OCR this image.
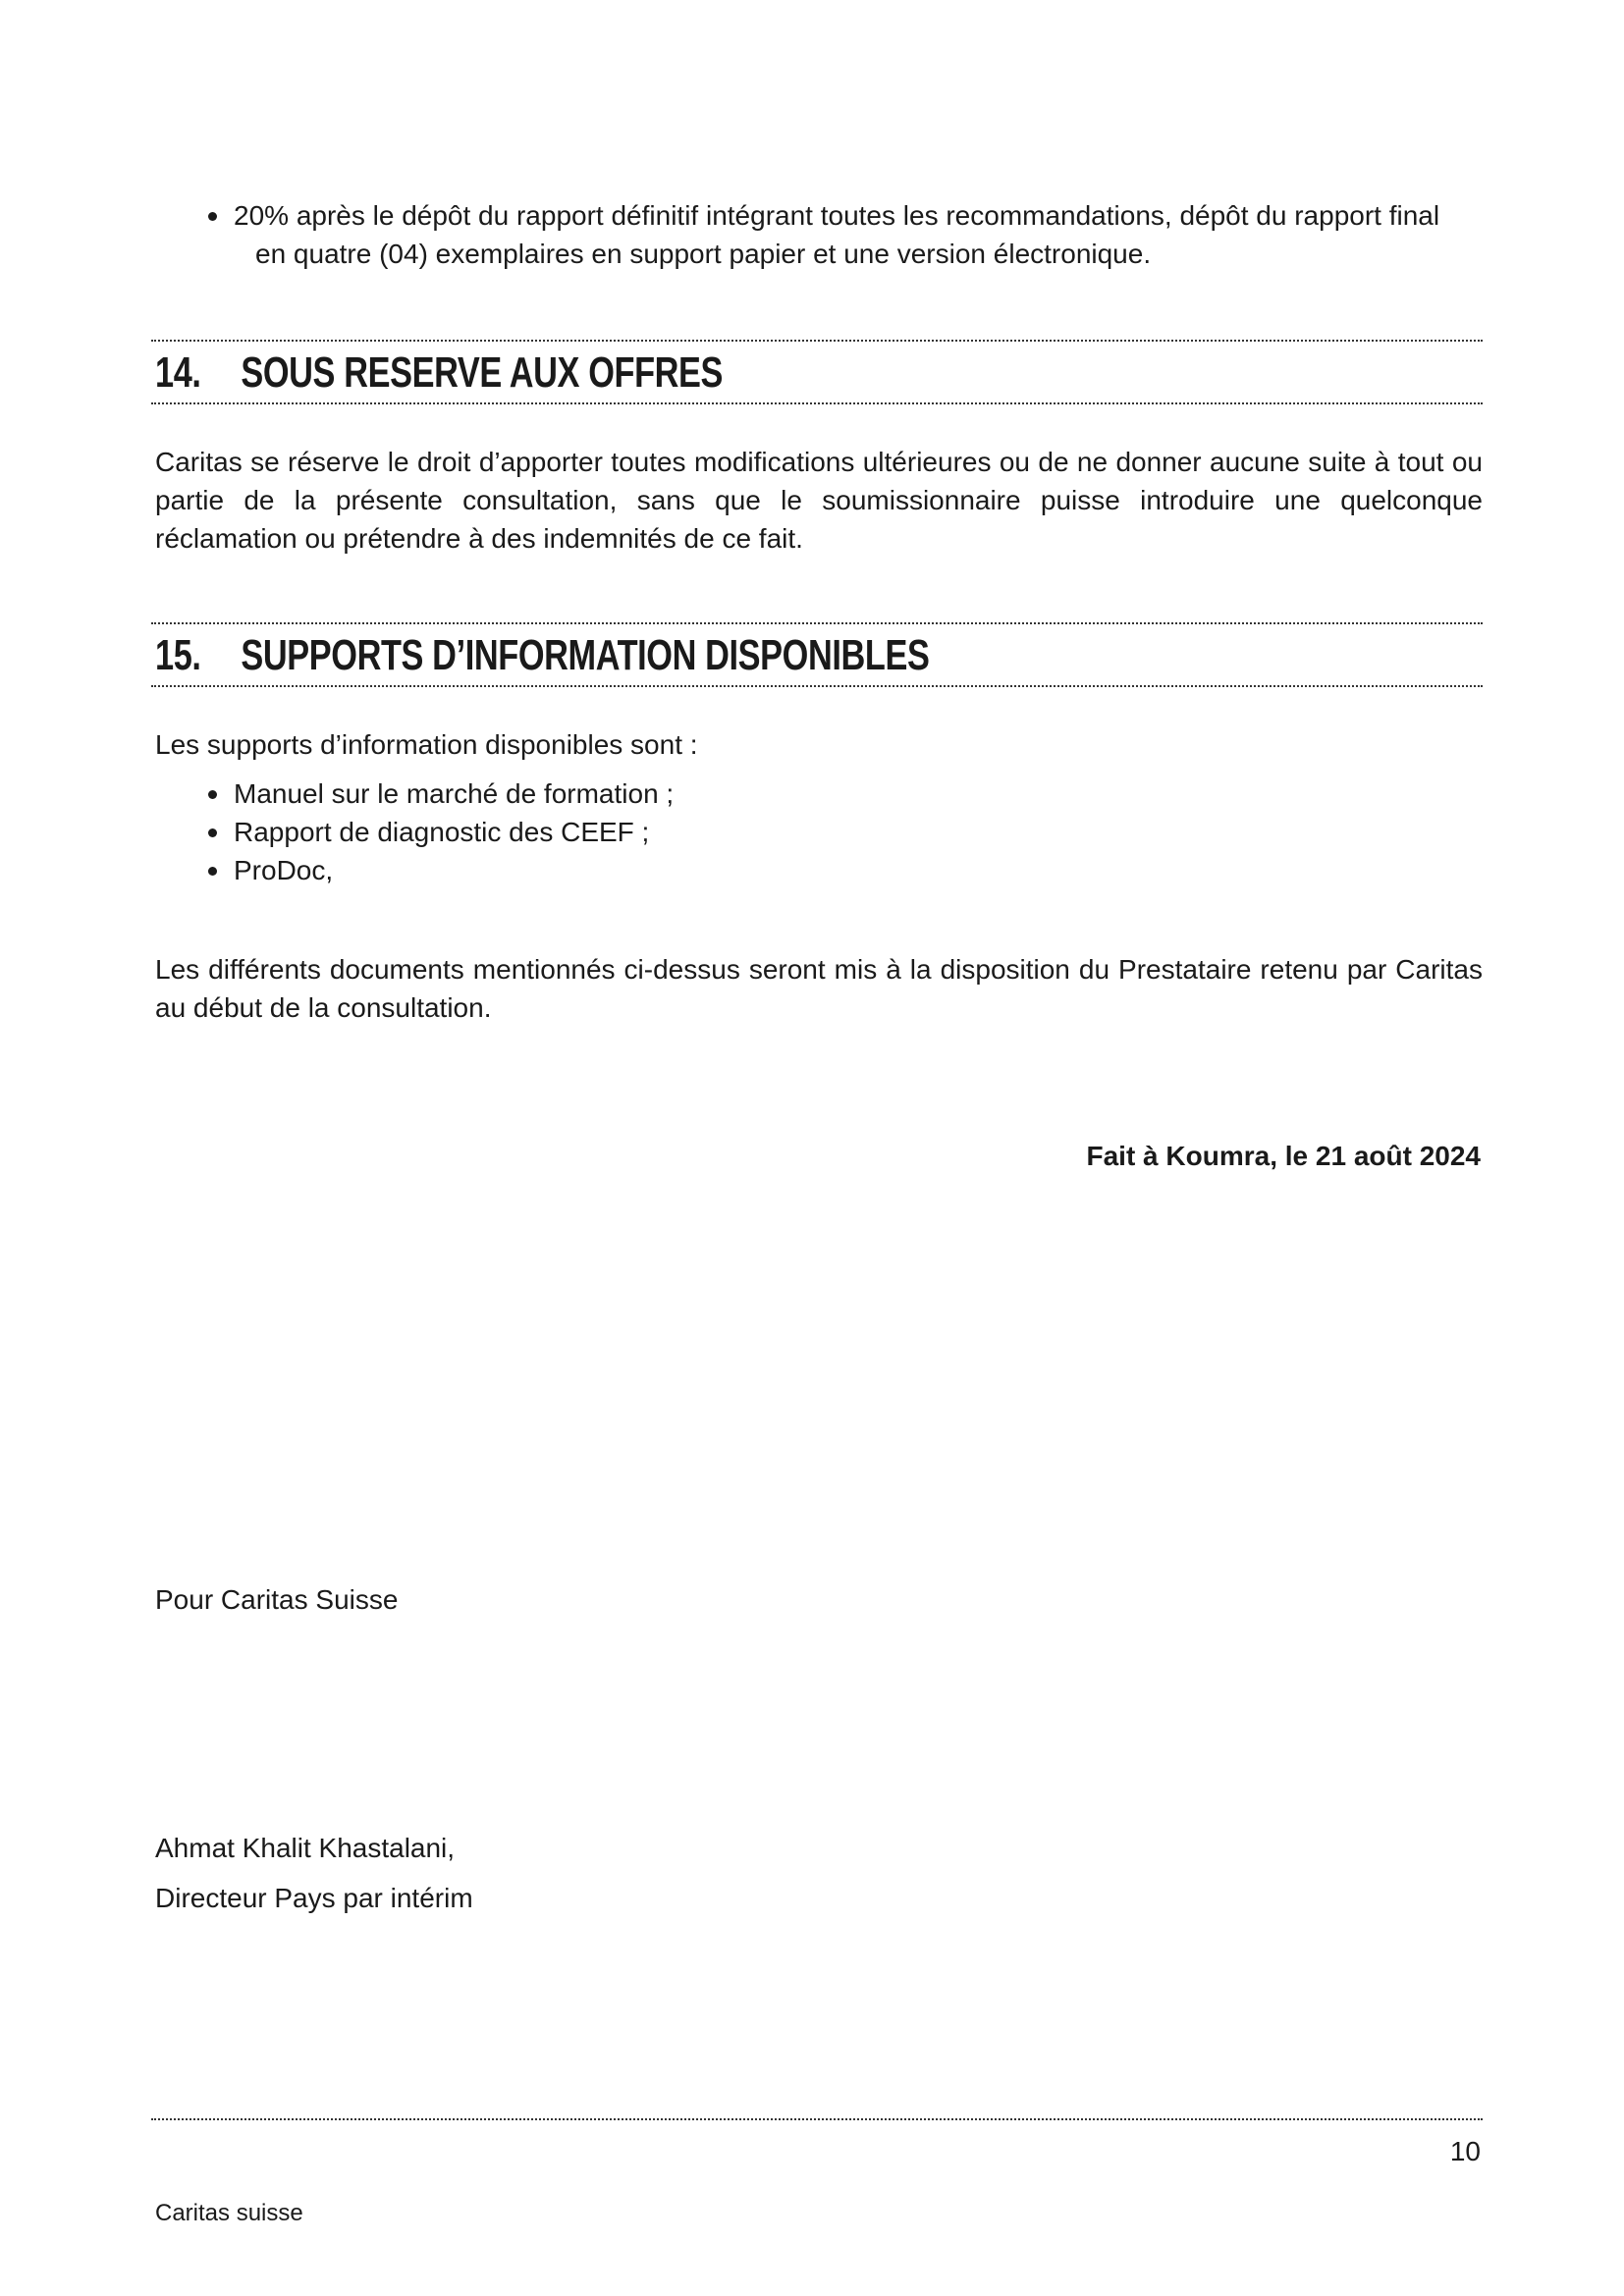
20% après le dépôt du rapport définitif intégrant toutes les recommandations, dépôt du rapport final
en quatre (04) exemplaires en support papier et une version électronique.
14. SOUS RESERVE AUX OFFRES
Caritas se réserve le droit d’apporter toutes modifications ultérieures ou de ne donner aucune suite à tout ou partie de la présente consultation, sans que le soumissionnaire puisse introduire une quelconque réclamation ou prétendre à des indemnités de ce fait.
15. SUPPORTS D’INFORMATION DISPONIBLES
Les supports d’information disponibles sont :
Manuel sur le marché de formation ;
Rapport de diagnostic des CEEF ;
ProDoc,
Les différents documents mentionnés ci-dessus seront mis à la disposition du Prestataire retenu par Caritas au début de la consultation.
Fait à Koumra, le 21 août 2024
Pour Caritas Suisse
Ahmat Khalit Khastalani,
Directeur Pays par intérim
10
Caritas suisse
